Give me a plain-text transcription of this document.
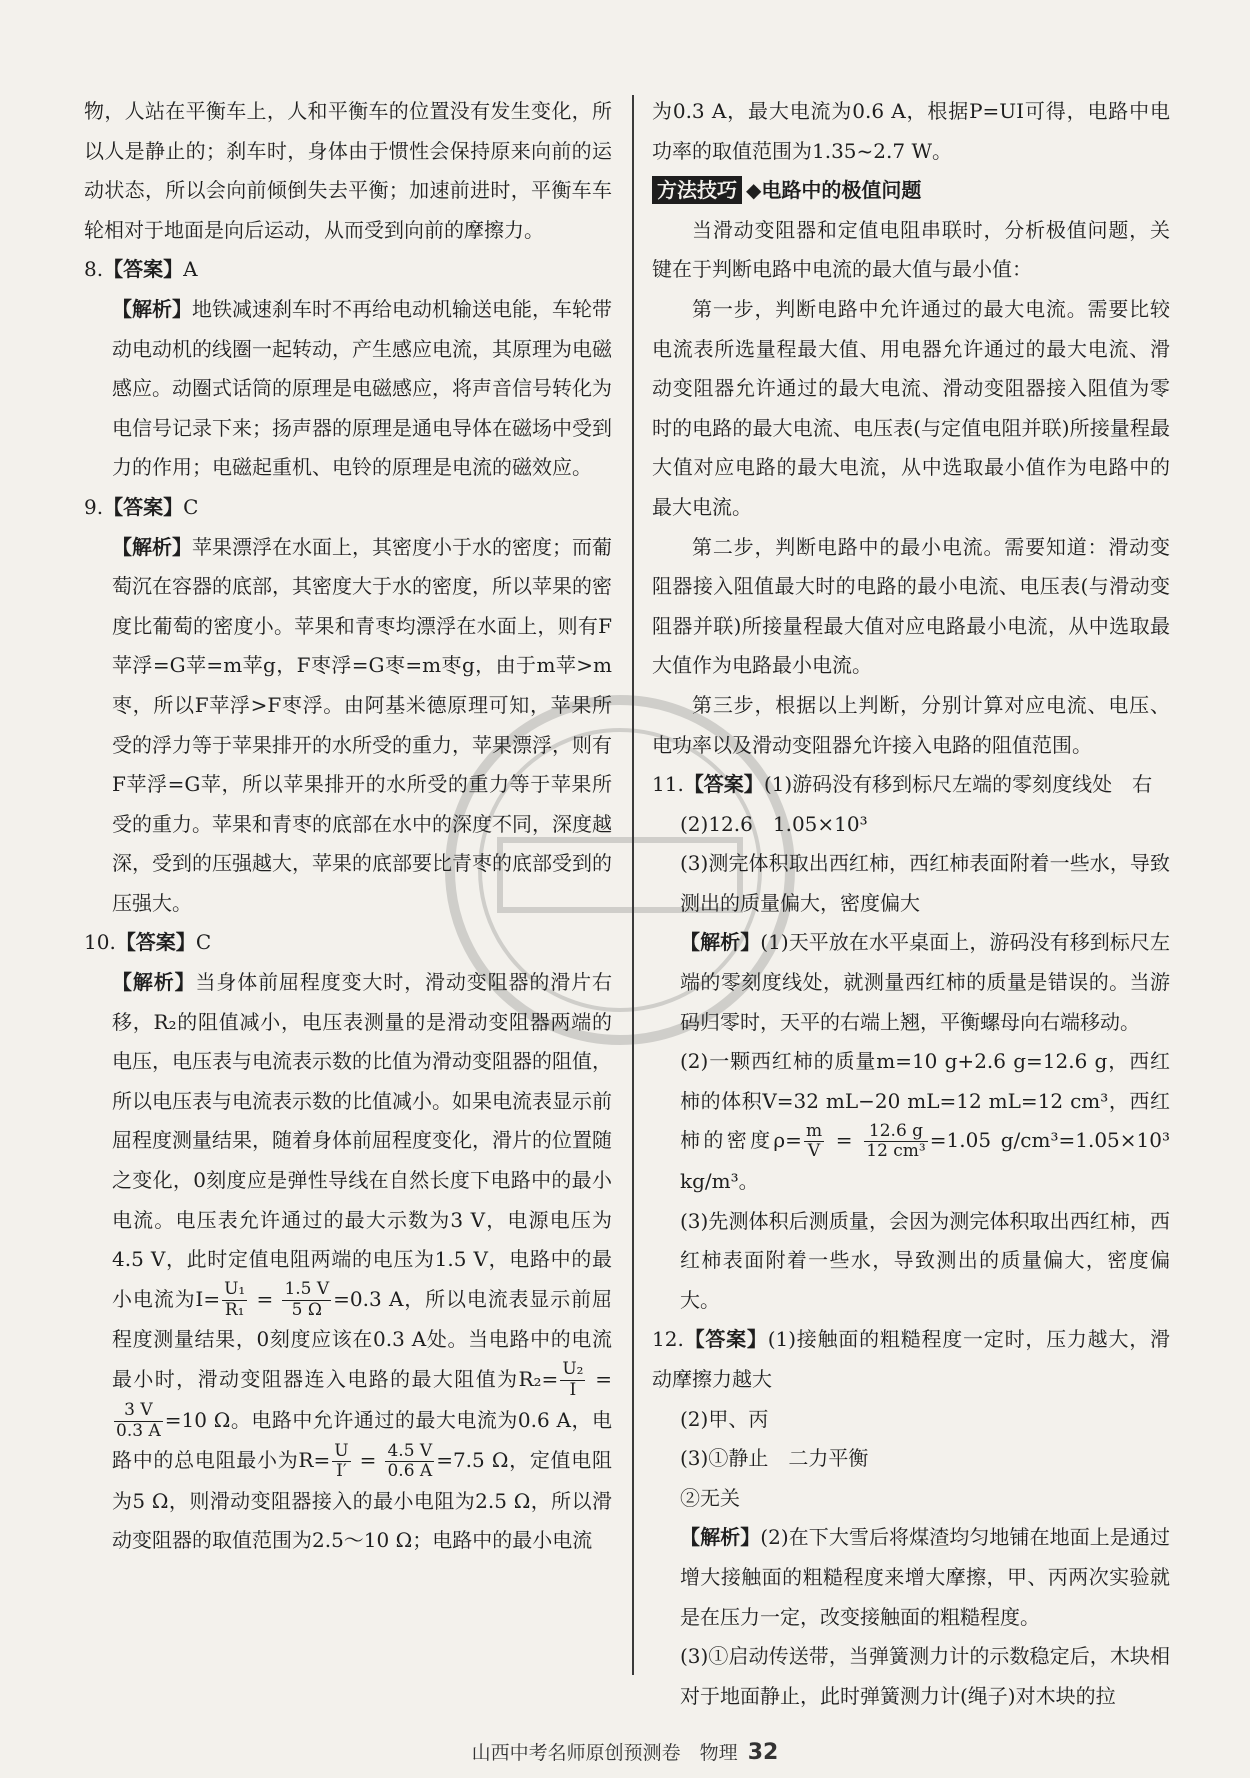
物，人站在平衡车上，人和平衡车的位置没有发生变化，所以人是静止的；刹车时，身体由于惯性会保持原来向前的运动状态，所以会向前倾倒失去平衡；加速前进时，平衡车车轮相对于地面是向后运动，从而受到向前的摩擦力。

8.【答案】A

【解析】地铁减速刹车时不再给电动机输送电能，车轮带动电动机的线圈一起转动，产生感应电流，其原理为电磁感应。动圈式话筒的原理是电磁感应，将声音信号转化为电信号记录下来；扬声器的原理是通电导体在磁场中受到力的作用；电磁起重机、电铃的原理是电流的磁效应。

9.【答案】C

【解析】苹果漂浮在水面上，其密度小于水的密度；而葡萄沉在容器的底部，其密度大于水的密度，所以苹果的密度比葡萄的密度小。苹果和青枣均漂浮在水面上，则有F苹浮=G苹=m苹g，F枣浮=G枣=m枣g，由于m苹>m枣，所以F苹浮>F枣浮。由阿基米德原理可知，苹果所受的浮力等于苹果排开的水所受的重力，苹果漂浮，则有F苹浮=G苹，所以苹果排开的水所受的重力等于苹果所受的重力。苹果和青枣的底部在水中的深度不同，深度越深，受到的压强越大，苹果的底部要比青枣的底部受到的压强大。

10.【答案】C

【解析】当身体前屈程度变大时，滑动变阻器的滑片右移，R₂的阻值减小，电压表测量的是滑动变阻器两端的电压，电压表与电流表示数的比值为滑动变阻器的阻值，所以电压表与电流表示数的比值减小。如果电流表显示前屈程度测量结果，随着身体前屈程度变化，滑片的位置随之变化，0刻度应是弹性导线在自然长度下电路中的最小电流。电压表允许通过的最大示数为3 V，电源电压为4.5 V，此时定值电阻两端的电压为1.5 V，电路中的最小电流为$I= \frac{\text{U₁}}{\text{R₁}} = \frac{1.5 V}{5 \Omega} =0.3$ A，所以电流表显示前屈程度测量结果，0刻度应该在0.3 A处。当电路中的电流最小时，滑动变阻器连入电路的最大阻值为$R_2= \frac{\text{U₂}}{I}$ =
$\frac{3 V}{0.3 A} =10$ Ω。电路中允许通过的最大电流为0.6 A，电路中的总电阻最小为$R= \frac{U}{I'} = \frac{4.5 V}{0.6 A} =7.5$ Ω，定值电阻为5 Ω，则滑动变阻器接入的最小电阻为2.5 Ω，所以滑动变阻器的取值范围为2.5～10 Ω；电路中的最小电流

为0.3 A，最大电流为0.6 A，根据P=UI可得，电路中电功率的取值范围为1.35~2.7 W。

方法技巧 ◆电路中的极值问题

当滑动变阻器和定值电阻串联时，分析极值问题，关键在于判断电路中电流的最大值与最小值：

第一步，判断电路中允许通过的最大电流。需要比较电流表所选量程最大值、用电器允许通过的最大电流、滑动变阻器允许通过的最大电流、滑动变阻器接入阻值为零时的电路的最大电流、电压表(与定值电阻并联)所接量程最大值对应电路的最大电流，从中选取最小值作为电路中的最大电流。

第二步，判断电路中的最小电流。需要知道：滑动变阻器接入阻值最大时的电路的最小电流、电压表(与滑动变阻器并联)所接量程最大值对应电路最小电流，从中选取最大值作为电路最小电流。

第三步，根据以上判断，分别计算对应电流、电压、电功率以及滑动变阻器允许接入电路的阻值范围。

11.【答案】(1)游码没有移到标尺左端的零刻度线处　右

(2)12.6　1.05×10³

(3)测完体积取出西红柿，西红柿表面附着一些水，导致测出的质量偏大，密度偏大

【解析】(1)天平放在水平桌面上，游码没有移到标尺左端的零刻度线处，就测量西红柿的质量是错误的。当游码归零时，天平的右端上翘，平衡螺母向右端移动。

(2)一颗西红柿的质量m=10 g+2.6 g=12.6 g，西红柿的体积V=32 mL−20 mL=12 mL=12 cm³，西红柿的密度$\rho= \frac{m}{V} = \frac{12.6 g}{\text{12 cm³}} =1.05$ g/cm³=1.05×10³ kg/m³。

(3)先测体积后测质量，会因为测完体积取出西红柿，西红柿表面附着一些水，导致测出的质量偏大，密度偏大。

12.【答案】(1)接触面的粗糙程度一定时，压力越大，滑动摩擦力越大

(2)甲、丙

(3)①静止　二力平衡

②无关

【解析】(2)在下大雪后将煤渣均匀地铺在地面上是通过增大接触面的粗糙程度来增大摩擦，甲、丙两次实验就是在压力一定，改变接触面的粗糙程度。

(3)①启动传送带，当弹簧测力计的示数稳定后，木块相对于地面静止，此时弹簧测力计(绳子)对木块的拉

山西中考名师原创预测卷　物理 32
